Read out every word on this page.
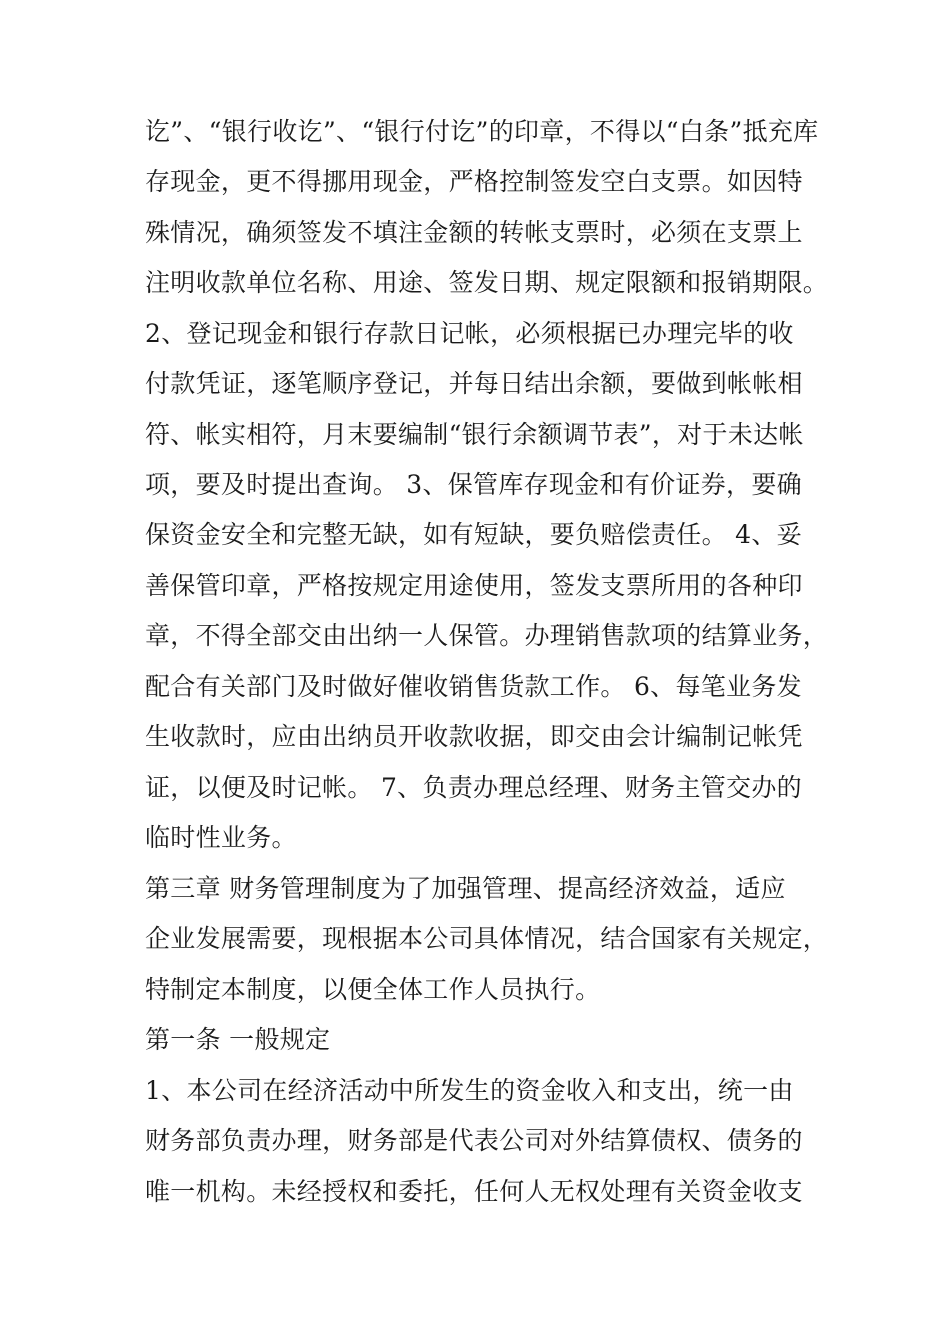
讫”、“银行收讫”、“银行付讫”的印章，不得以“白条”抵充库
存现金，更不得挪用现金，严格控制签发空白支票。如因特
殊情况，确须签发不填注金额的转帐支票时，必须在支票上
注明收款单位名称、用途、签发日期、规定限额和报销期限。
2、登记现金和银行存款日记帐，必须根据已办理完毕的收
付款凭证，逐笔顺序登记，并每日结出余额，要做到帐帐相
符、帐实相符，月末要编制“银行余额调节表”，对于未达帐
项，要及时提出查询。 3、保管库存现金和有价证券，要确
保资金安全和完整无缺，如有短缺，要负赔偿责任。 4、妥
善保管印章，严格按规定用途使用，签发支票所用的各种印
章，不得全部交由出纳一人保管。办理销售款项的结算业务，
配合有关部门及时做好催收销售货款工作。 6、每笔业务发
生收款时，应由出纳员开收款收据，即交由会计编制记帐凭
证，以便及时记帐。 7、负责办理总经理、财务主管交办的
临时性业务。
第三章 财务管理制度为了加强管理、提高经济效益，适应
企业发展需要，现根据本公司具体情况，结合国家有关规定，
特制定本制度，以便全体工作人员执行。
第一条 一般规定
1、本公司在经济活动中所发生的资金收入和支出，统一由
财务部负责办理，财务部是代表公司对外结算债权、债务的
唯一机构。未经授权和委托，任何人无权处理有关资金收支
